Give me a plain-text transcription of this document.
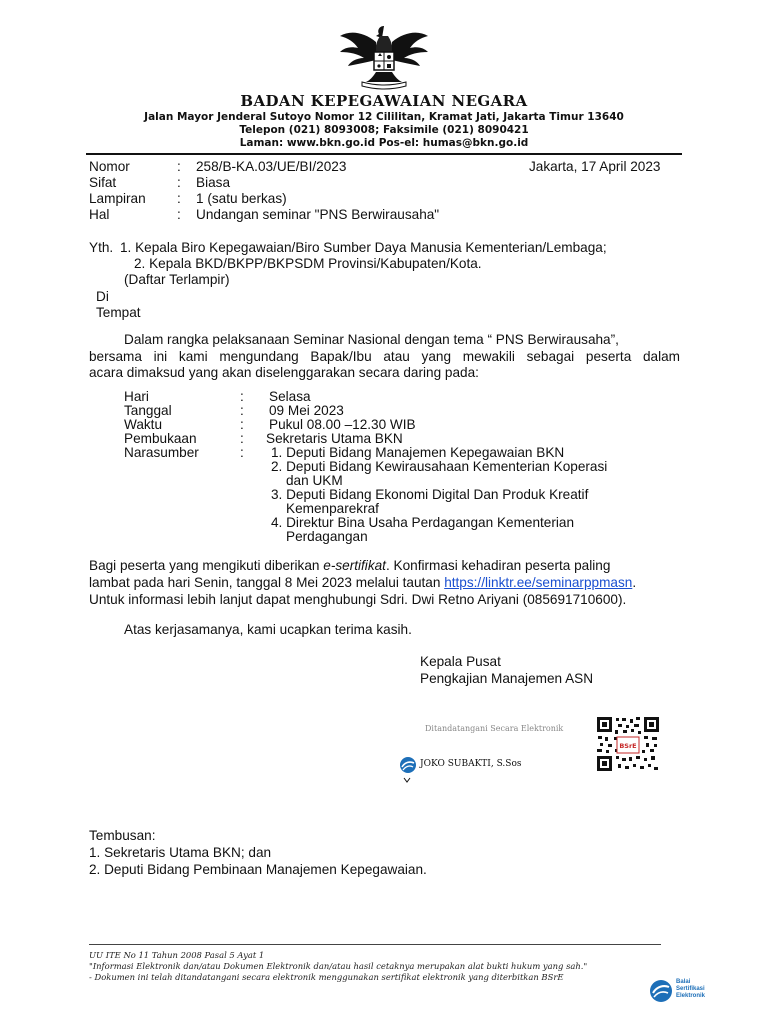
BADAN KEPEGAWAIAN NEGARA
Jalan Mayor Jenderal Sutoyo Nomor 12 Cililitan, Kramat Jati, Jakarta Timur 13640
Telepon (021) 8093008; Faksimile (021) 8090421
Laman: www.bkn.go.id Pos-el: humas@bkn.go.id
Nomor	: 258/B-KA.03/UE/BI/2023	Jakarta, 17 April 2023
Sifat	: Biasa
Lampiran : 1 (satu berkas)
Hal	: Undangan seminar "PNS Berwirausaha"
Yth. 1. Kepala Biro Kepegawaian/Biro Sumber Daya Manusia Kementerian/Lembaga;
2. Kepala BKD/BKPP/BKPSDM Provinsi/Kabupaten/Kota.
(Daftar Terlampir)
Di
Tempat
Dalam rangka pelaksanaan Seminar Nasional dengan tema “ PNS Berwirausaha”,
bersama ini kami mengundang Bapak/Ibu atau yang mewakili sebagai peserta dalam
acara dimaksud yang akan diselenggarakan secara daring pada:
Hari	: Selasa
Tanggal	: 09 Mei 2023
Waktu	: Pukul 08.00 –12.30 WIB
Pembukaan	: Sekretaris Utama BKN
Narasumber	: 1. Deputi Bidang Manajemen Kepegawaian BKN
2. Deputi Bidang Kewirausahaan Kementerian Koperasi
dan UKM
3. Deputi Bidang Ekonomi Digital Dan Produk Kreatif
Kemenparekraf
4. Direktur Bina Usaha Perdagangan Kementerian
Perdagangan
Bagi peserta yang mengikuti diberikan e-sertifikat. Konfirmasi kehadiran peserta paling
lambat pada hari Senin, tanggal 8 Mei 2023 melalui tautan https://linktr.ee/seminarppmasn.
Untuk informasi lebih lanjut dapat menghubungi Sdri. Dwi Retno Ariyani (085691710600).
Atas kerjasamanya, kami ucapkan terima kasih.
Kepala Pusat
Pengkajian Manajemen ASN
Ditandatangani Secara Elektronik
JOKO SUBAKTI, S.Sos
BSrE
Tembusan:
1. Sekretaris Utama BKN; dan
2. Deputi Bidang Pembinaan Manajemen Kepegawaian.
UU ITE No 11 Tahun 2008 Pasal 5 Ayat 1
"Informasi Elektronik dan/atau Dokumen Elektronik dan/atau hasil cetaknya merupakan alat bukti hukum yang sah."
- Dokumen ini telah ditandatangani secara elektronik menggunakan sertifikat elektronik yang diterbitkan BSrE	Balai
Sertifikasi
Elektronik
